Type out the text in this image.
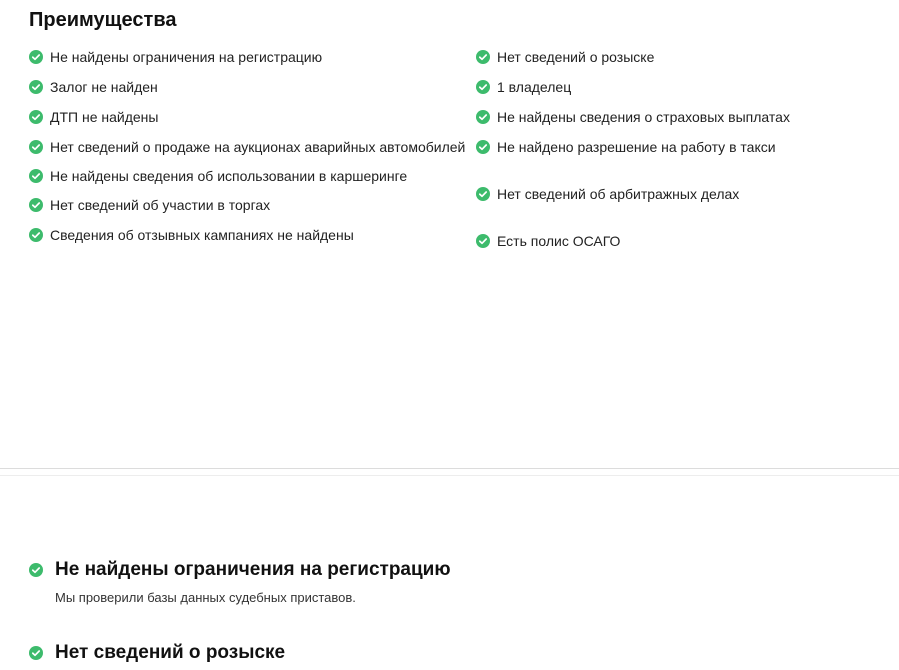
Преимущества
Не найдены ограничения на регистрацию
Залог не найден
ДТП не найдены
Нет сведений о продаже на аукционах аварийных автомобилей
Не найдены сведения об использовании в каршеринге
Нет сведений об участии в торгах
Сведения об отзывных кампаниях не найдены
Нет сведений о розыске
1 владелец
Не найдены сведения о страховых выплатах
Не найдено разрешение на работу в такси
Нет сведений об арбитражных делах
Есть полис ОСАГО
Не найдены ограничения на регистрацию
Мы проверили базы данных судебных приставов.
Нет сведений о розыске
